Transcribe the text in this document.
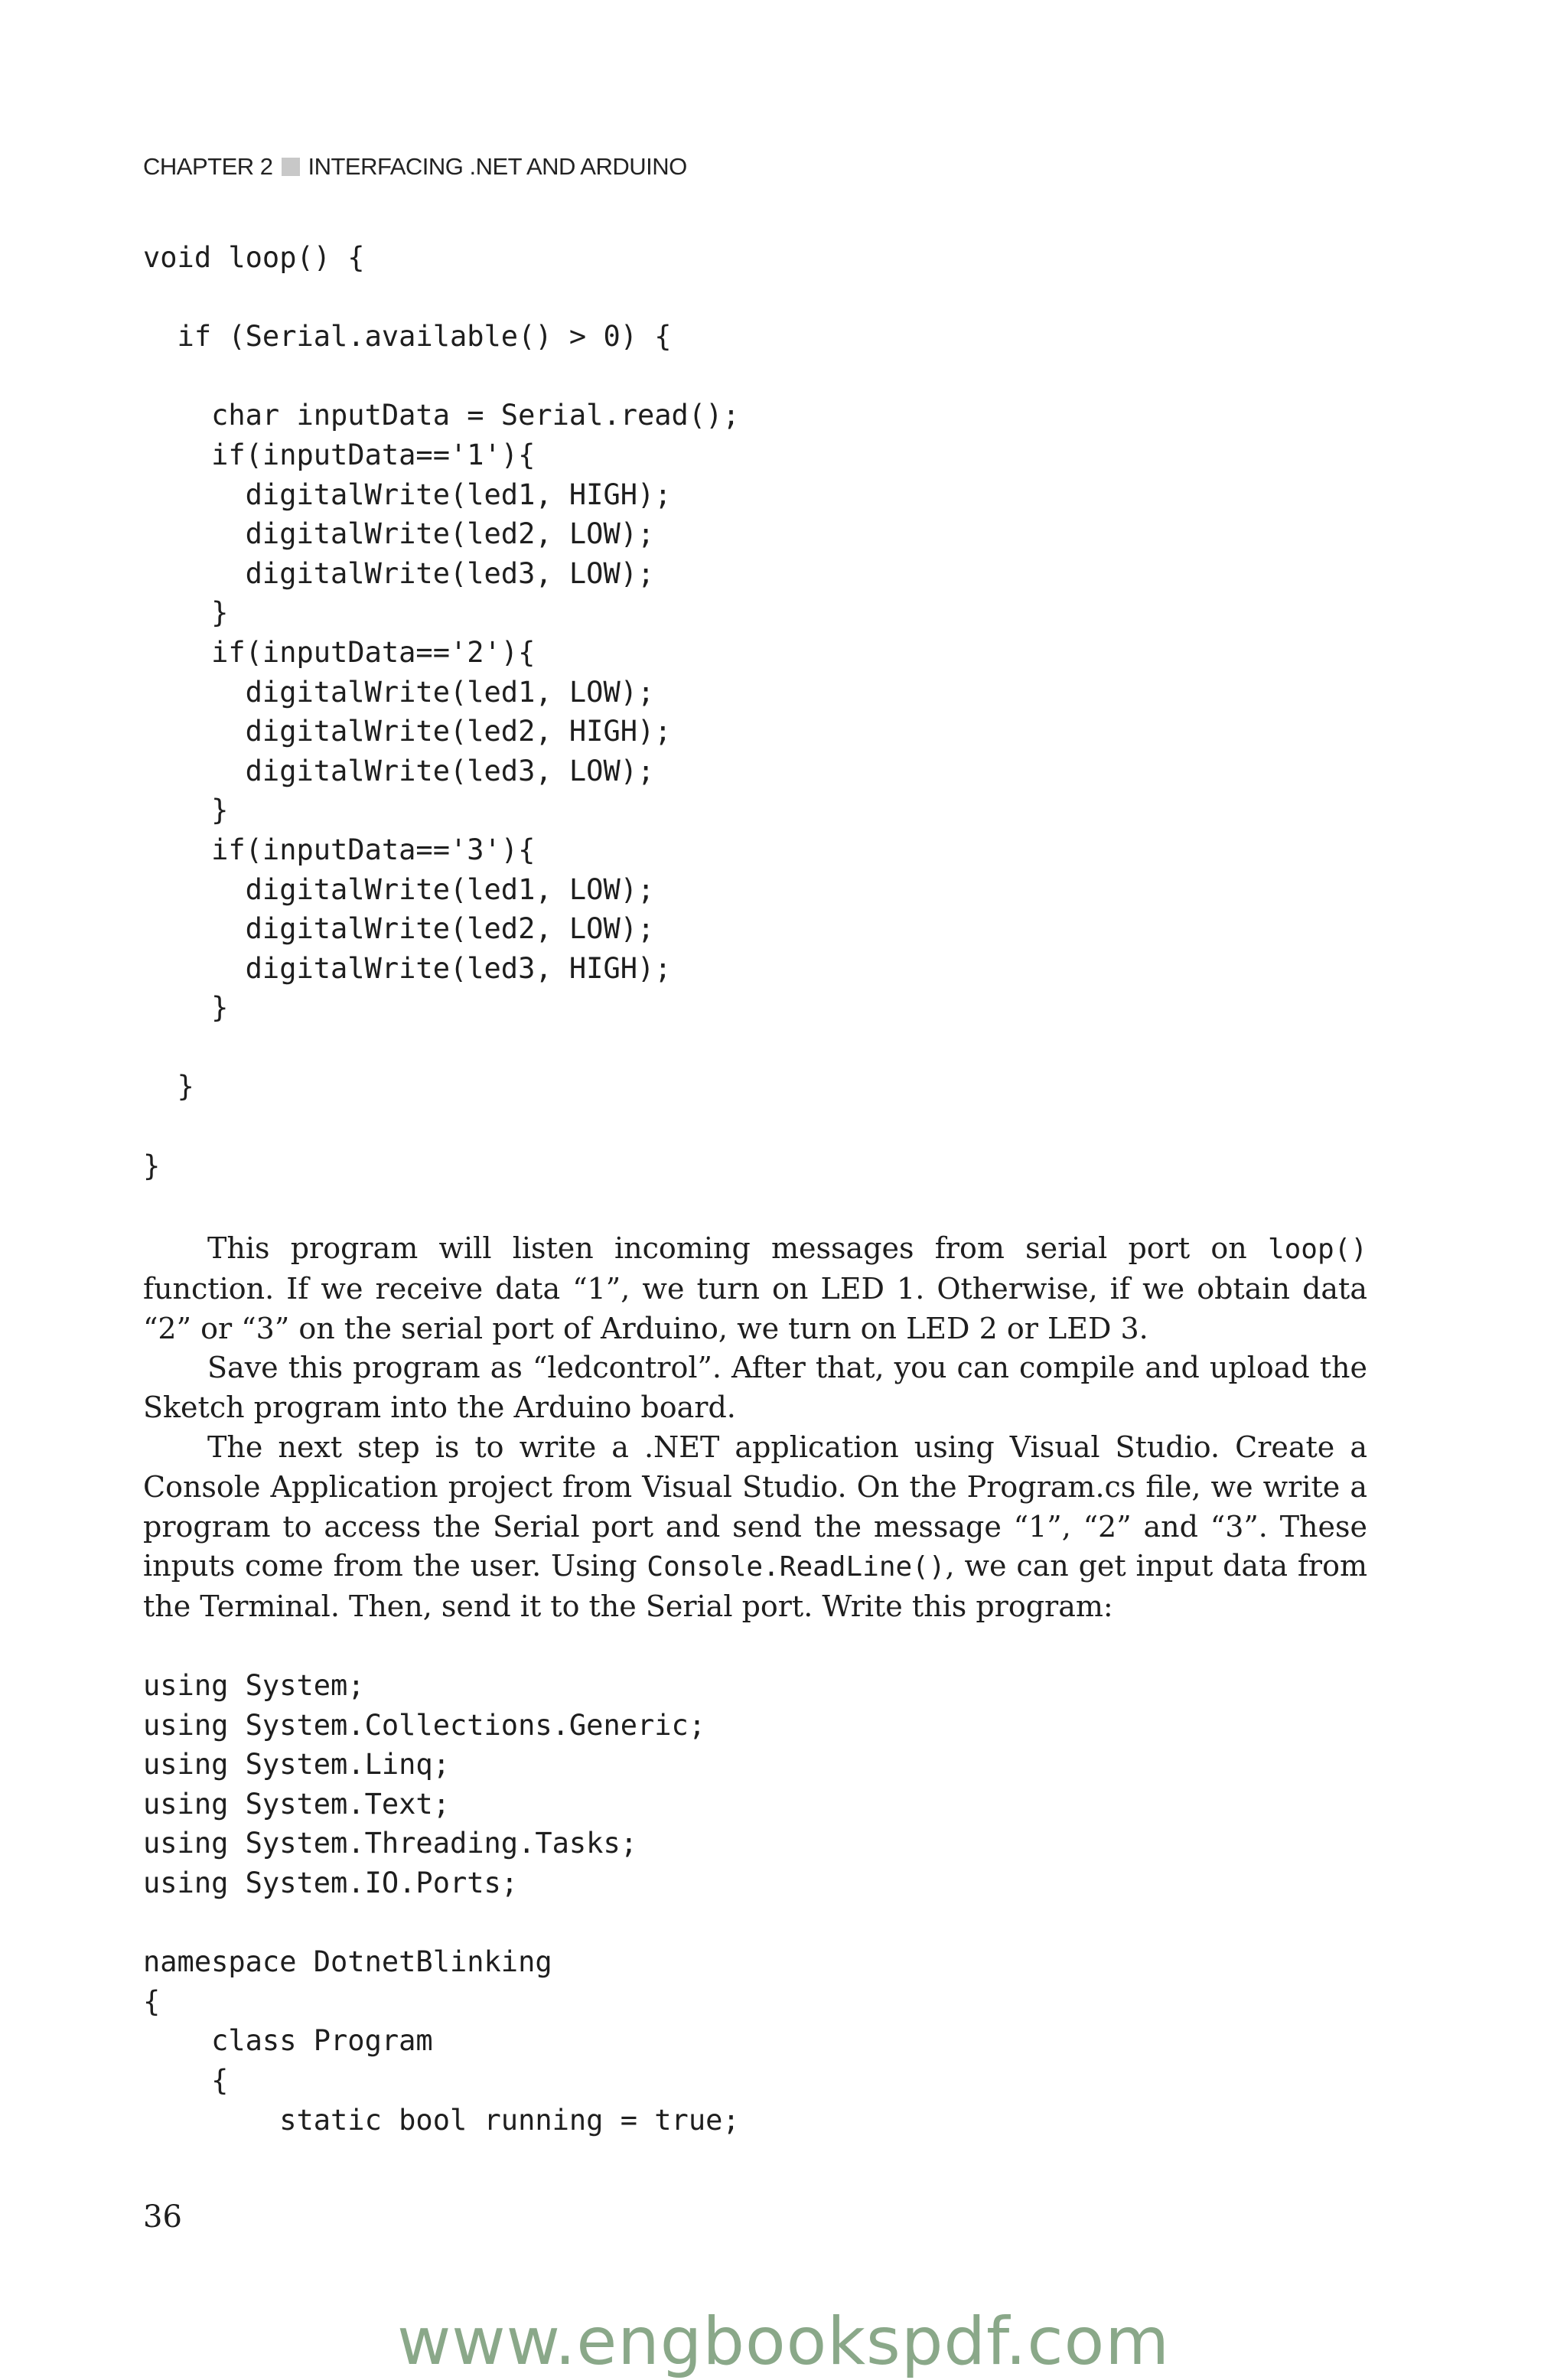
CHAPTER 2 INTERFACING .NET AND ARDUINO
void loop() {

if (Serial.available() > 0) {

char inputData = Serial.read();
if(inputData=='1'){
digitalWrite(led1, HIGH);
digitalWrite(led2, LOW);
digitalWrite(led3, LOW);
}
if(inputData=='2'){
digitalWrite(led1, LOW);
digitalWrite(led2, HIGH);
digitalWrite(led3, LOW);
}
if(inputData=='3'){
digitalWrite(led1, LOW);
digitalWrite(led2, LOW);
digitalWrite(led3, HIGH);
}

}

}

This program will listen incoming messages from serial port on loop() function. If we receive data “1”, we turn on LED 1. Otherwise, if we obtain data “2” or “3” on the serial port of Arduino, we turn on LED 2 or LED 3.

Save this program as “ledcontrol”. After that, you can compile and upload the Sketch program into the Arduino board.

The next step is to write a .NET application using Visual Studio. Create a Console Application project from Visual Studio. On the Program.cs file, we write a program to access the Serial port and send the message “1”, “2” and “3”. These inputs come from the user. Using Console.ReadLine(), we can get input data from the Terminal. Then, send it to the Serial port. Write this program:

using System;
using System.Collections.Generic;
using System.Linq;
using System.Text;
using System.Threading.Tasks;
using System.IO.Ports;

namespace DotnetBlinking
{
class Program
{
static bool running = true;
36
www.engbookspdf.com
